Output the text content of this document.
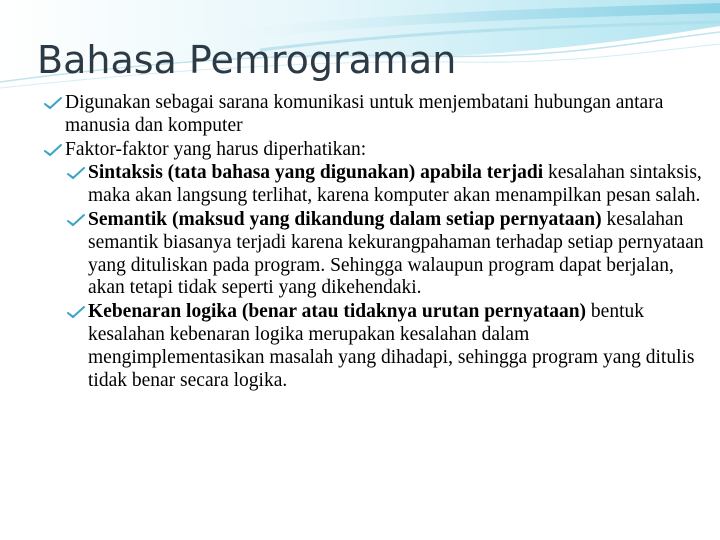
Bahasa Pemrograman

Digunakan sebagai sarana komunikasi untuk menjembatani hubungan antara manusia dan komputer

Faktor-faktor yang harus diperhatikan:

Sintaksis (tata bahasa yang digunakan) apabila terjadi kesalahan sintaksis, maka akan langsung terlihat, karena komputer akan menampilkan pesan salah.

Semantik (maksud yang dikandung dalam setiap pernyataan) kesalahan semantik biasanya terjadi karena kekurangpahaman terhadap setiap pernyataan yang dituliskan pada program. Sehingga walaupun program dapat berjalan, akan tetapi tidak seperti yang dikehendaki.

Kebenaran logika (benar atau tidaknya urutan pernyataan) bentuk kesalahan kebenaran logika merupakan kesalahan dalam mengimplementasikan masalah yang dihadapi, sehingga program yang ditulis tidak benar secara logika.
